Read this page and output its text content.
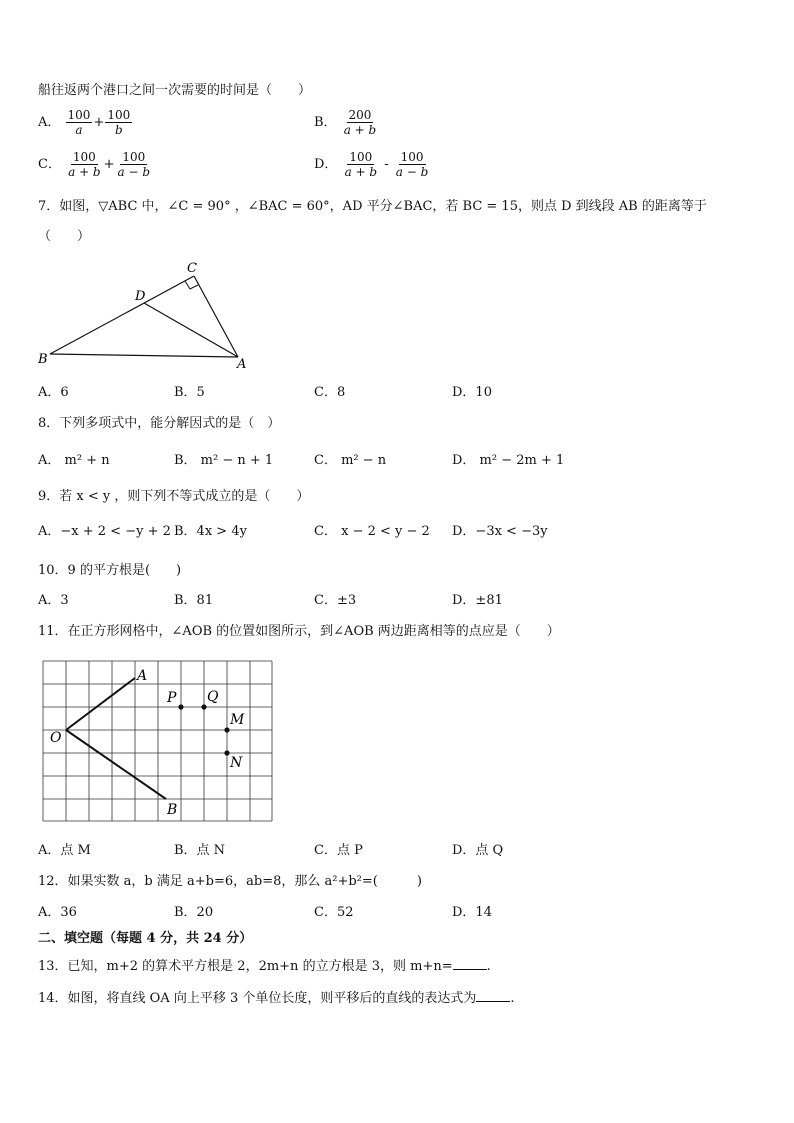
船往返两个港口之间一次需要的时间是（　　）
A． $\frac{100}{a} + \frac{100}{b}$	B． $\frac{200}{a + b}$
C． $\frac{100}{a + b} + \frac{100}{a - b}$	D． $\frac{100}{a + b} - \frac{100}{a - b}$
7．如图，▽ABC 中，∠C = 90° ，∠BAC = 60°，AD 平分∠BAC，若 BC = 15，则点 D 到线段 AB 的距离等于
（　　）
B	A
C
D
A．6	B．5	C．8	D．10
8．下列多项式中，能分解因式的是（　）
A． m² + n	B． m² − n + 1	C． m² − n	D． m² − 2m + 1
9．若 x < y ，则下列不等式成立的是（　　）
A．−x + 2 < −y + 2 B．4x > 4y	C． x − 2 < y − 2 D．−3x < −3y
10．9 的平方根是(　　)
A．3	B．81	C．±3	D．±81
11．在正方形网格中，∠AOB 的位置如图所示，到∠AOB 两边距离相等的点应是（　　）
A
O
B
P Q
M
N
A．点 M	B．点 N	C．点 P	D．点 Q
12．如果实数 a，b 满足 a+b=6，ab=8，那么 a²+b²=(　　　)
A．36	B．20	C．52	D．14
二、填空题（每题 4 分，共 24 分）
13．已知，m+2 的算术平方根是 2，2m+n 的立方根是 3，则 m+n=	.
14．如图，将直线 OA 向上平移 3 个单位长度，则平移后的直线的表达式为	.
